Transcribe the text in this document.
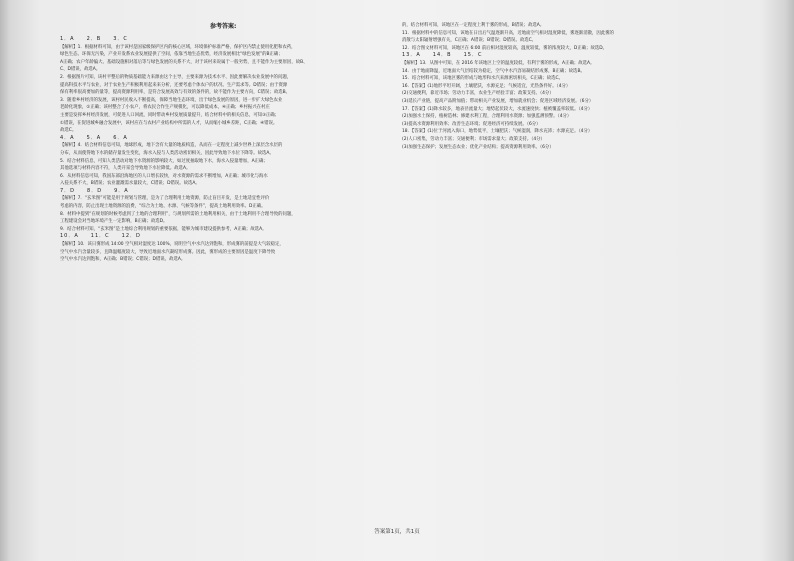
参考答案:
1．A　　2．B　　3．C
【解析】1．根据材料可知，由于该村是国家级保护区内的核心区域，环境保护标准严格，保护区内禁止使用化肥和农药，
绿色生态、环保无污染，产业开发系农业发展提供了空间，依靠当地生态优势，经济发展相比“绿色发展”的B正确；
A正确；农户年龄偏大、基础设施相对落后等与绿色发展的关系不大，对于该村来说属于一般劣势，且不能作为主要原因，故B、
C、D错误，故选A。
2．根据图片可知，该村平整后的物质基础能力来源由这个主导，主要来源为技术水平、因此要解决农业发展中的问题，
提高科技水平与农业，对于农业生产积极利用起来来分析，还要考虑个体农户的状况、生产需求等。D错误；由于资源
保有利率很高要加的量等，提高资源利用率，是符合发展高效与有效的条件的，故不能作为主要方向，C错误；故选B。
3．随着乡村经济的发展，该村村民收入不断提高，保障当地生态环境，出于绿色发展的原因，进一步扩大绿色农业
老龄化现象，②正确；该村整合了小农户，将农民合作生产规模化，可以降低成本，④正确；乡村振兴在村庄
主要是发挥乡村经济发展，可促进人口回流，同时带动乡村发展质量提升，结合材料中的相关信息，可知③正确；
①错误，在促进城乡融合发展中，该村应在与农村产业结构中所需的人才，从而缩小城乡差距，C正确；④错误。
故选C。
4．A　　5．A　　6．A
【解析】4．结合材料信息可知，地球形成，地下含有大量的地质构造，从而在一定程度上减少世界上深层含水层的
分布，从而使得地下水的储存量发生变化，海水入侵与人类活动密切相关，因此导致地下水位下降等。故选A。
5．结合材料信息，可知人类活动对地下水资源的影响较大，如过度抽取地下水，海水入侵量增加，A正确；
其他选项与材料内容不符，人类开采会导致地下水位降低。故选A。
6．从材料信息可知，我国东部沿海地区的人口增长较快，对水资源的需求不断增加，A正确；城市化与海水
入侵关系不大，B错误；农业灌溉需水量较大，C错误；D错误。故选A。
7．D　　8．D　　9．A
【解析】7．“玄米图”可能是用于规划与管理，是为了合理利用土地资源，防止盲目开发，是土地适宜性评价
考虑的内容，防止出现土地资源的浪费，“综合为土地、水源、气候等条件”，提高土地利用效率。D正确。
8．材料中提到“在规划的时候考虑到了土地的合理利用”，与规划所需的土地利用相关，由于土地利用不合理导致的问题，
工程建设会对当地环境产生一定影响，B正确；故选D。
9．结合材料可知，“玄米图”是土地综合利用规划的重要依据，能够为城市建设提供参考，A正确；故选A。
10．A　　11．C　　12．D
【解析】10．该日雾形成 14:00 空气相对湿度达 100%，说明空气中水汽达到饱和，形成雾的前提是大气较稳定，
空气中水汽含量较多，且降温幅度较大，导致近地面水汽凝结形成雾。因此，雾形成的主要原因是温度下降导致
空气中水汽达到饱和，A正确；B错误；C错误；D错误。故选A。
的，结合材料可知，该地区在一定程度上利于雾的形成，B错误；故选A。
11．根据材料中的信息可知，该地在日出后气温逐渐升高，近地面空气相对湿度降低，雾逐渐消散，因此雾的
消散与太阳辐射增强有关，C正确；A错误；B错误；D错误。故选C。
12．结合图文材料可知，该地区在 6:00 前后相对湿度较高，温度较低，雾的浓度较大，D正确；故选D。
13．A　　14．B　　15．C
【解析】13．从图中可知，在 2016 年该地区上空的温度较低，有利于雾的形成，A正确；故选A。
14．由于地面降温，近地面大气层结较为稳定，空气中水汽容易凝结形成雾，B正确；故选B。
15．结合材料可知，该地区雾的形成与地形和水汽来源密切相关，C正确；故选C。
16．【答案】(1)地形平坦开阔，土壤肥沃，水源充足；气候适宜，光热条件好。（4分）
(2)交通便利，靠近市场；劳动力丰富，农业生产经验丰富；政策支持。（4分）
(3)延长产业链，提高产品附加值；带动相关产业发展，增加就业机会；促进区域经济发展。（6分）
17．【答案】(1)降水较多，地表径流量大；地势起伏较大，水流速度快；植被覆盖率较低。（4分）
(2)加强水土保持，植树造林；修建水利工程，合理利用水资源；加强监测预警。（4分）
(3)提高水资源利用效率；改善生态环境；促进经济可持续发展。（6分）
18．【答案】(1)位于河流入海口，地势低平，土壤肥沃；气候湿润，降水充沛；水源充足。（4分）
(2)人口密集，劳动力丰富；交通便利；市场需求量大；政策支持。（4分）
(3)加强生态保护；发展生态农业；优化产业结构；提高资源利用效率。（6分）
答案第1页，共1页
